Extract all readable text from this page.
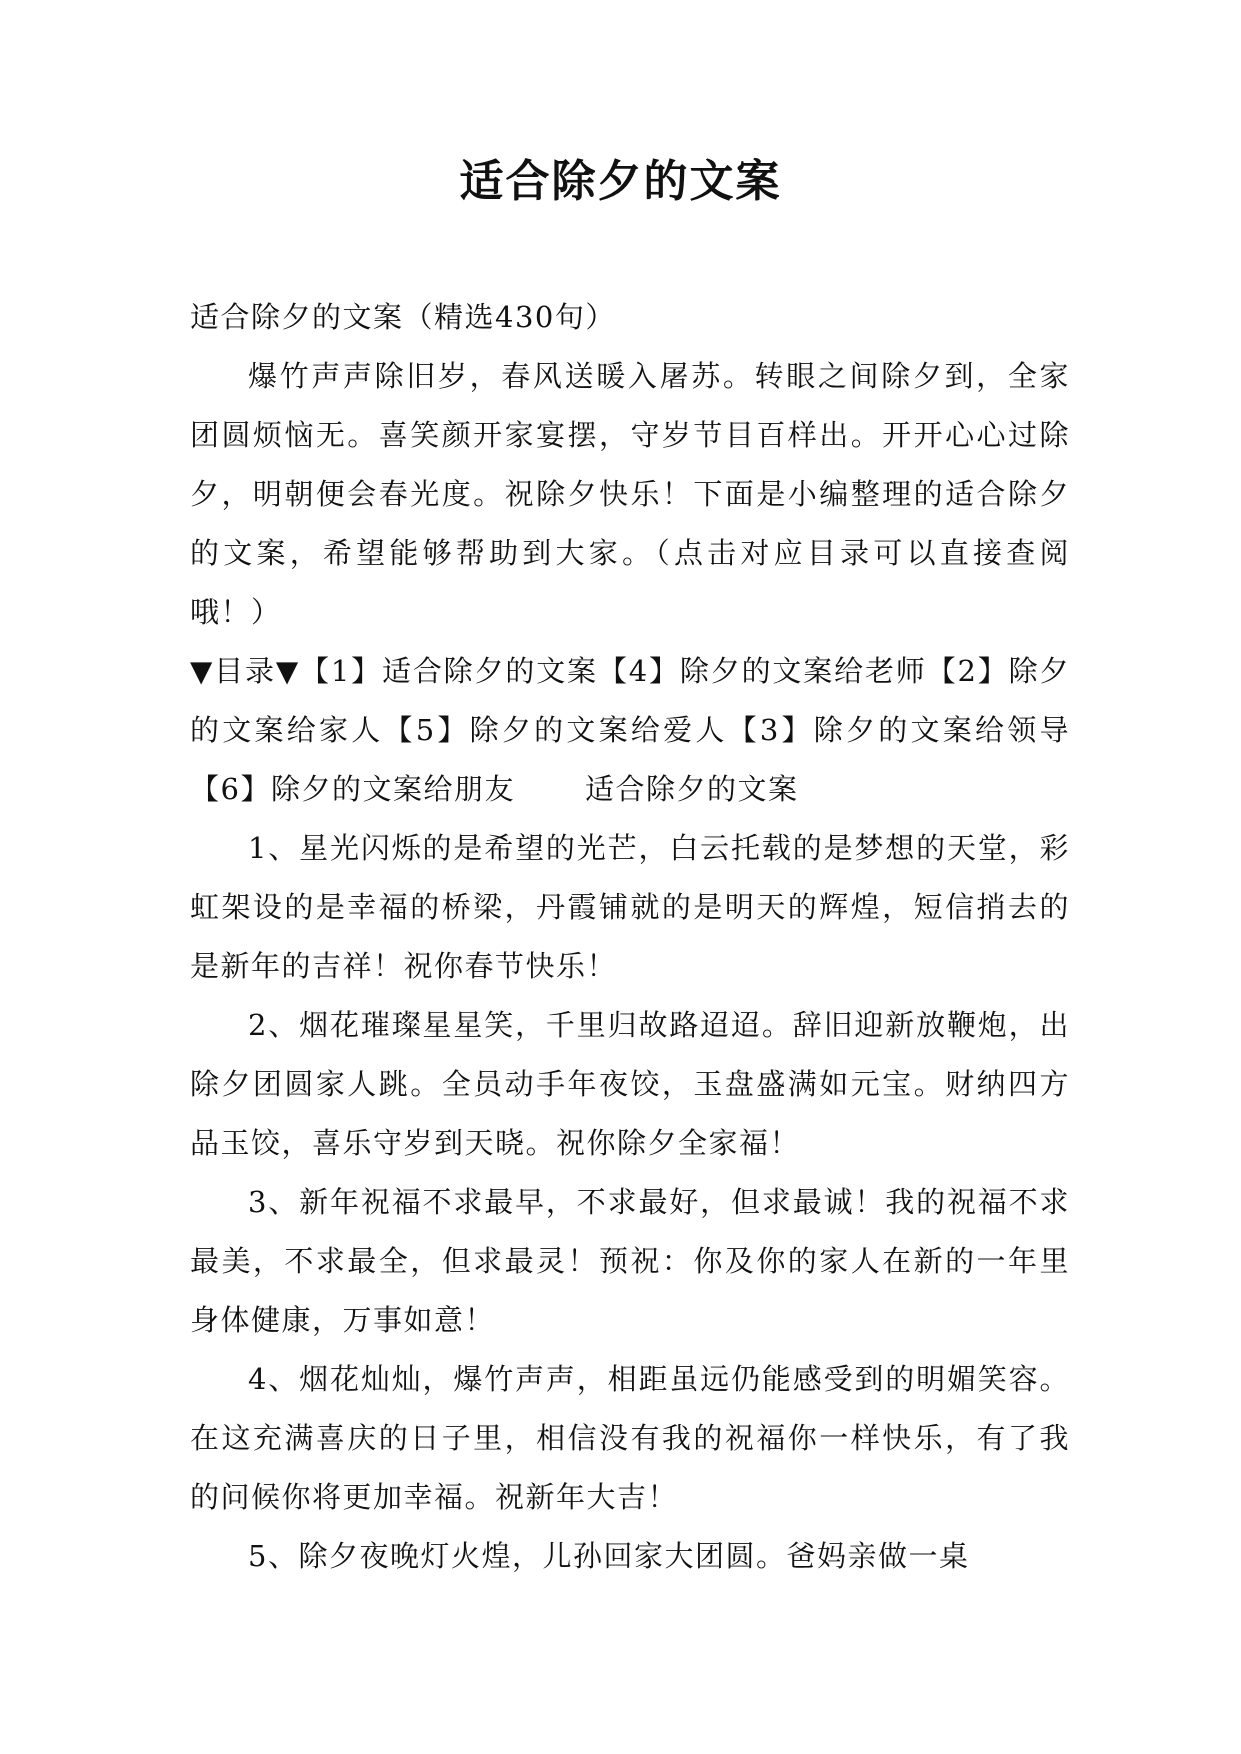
适合除夕的文案

适合除夕的文案（精选430句）

爆竹声声除旧岁，春风送暖入屠苏。转眼之间除夕到，全家团圆烦恼无。喜笑颜开家宴摆，守岁节目百样出。开开心心过除夕，明朝便会春光度。祝除夕快乐！下面是小编整理的适合除夕的文案，希望能够帮助到大家。（点击对应目录可以直接查阅哦！）

▼目录▼【1】适合除夕的文案【4】除夕的文案给老师【2】除夕的文案给家人【5】除夕的文案给爱人【3】除夕的文案给领导【6】除夕的文案给朋友 适合除夕的文案

1、星光闪烁的是希望的光芒，白云托载的是梦想的天堂，彩虹架设的是幸福的桥梁，丹霞铺就的是明天的辉煌，短信捎去的是新年的吉祥！祝你春节快乐！

2、烟花璀璨星星笑，千里归故路迢迢。辞旧迎新放鞭炮，出除夕团圆家人跳。全员动手年夜饺，玉盘盛满如元宝。财纳四方品玉饺，喜乐守岁到天晓。祝你除夕全家福！

3、新年祝福不求最早，不求最好，但求最诚！我的祝福不求最美，不求最全，但求最灵！预祝：你及你的家人在新的一年里身体健康，万事如意！

4、烟花灿灿，爆竹声声，相距虽远仍能感受到的明媚笑容。在这充满喜庆的日子里，相信没有我的祝福你一样快乐，有了我的问候你将更加幸福。祝新年大吉！

5、除夕夜晚灯火煌，儿孙回家大团圆。爸妈亲做一桌
